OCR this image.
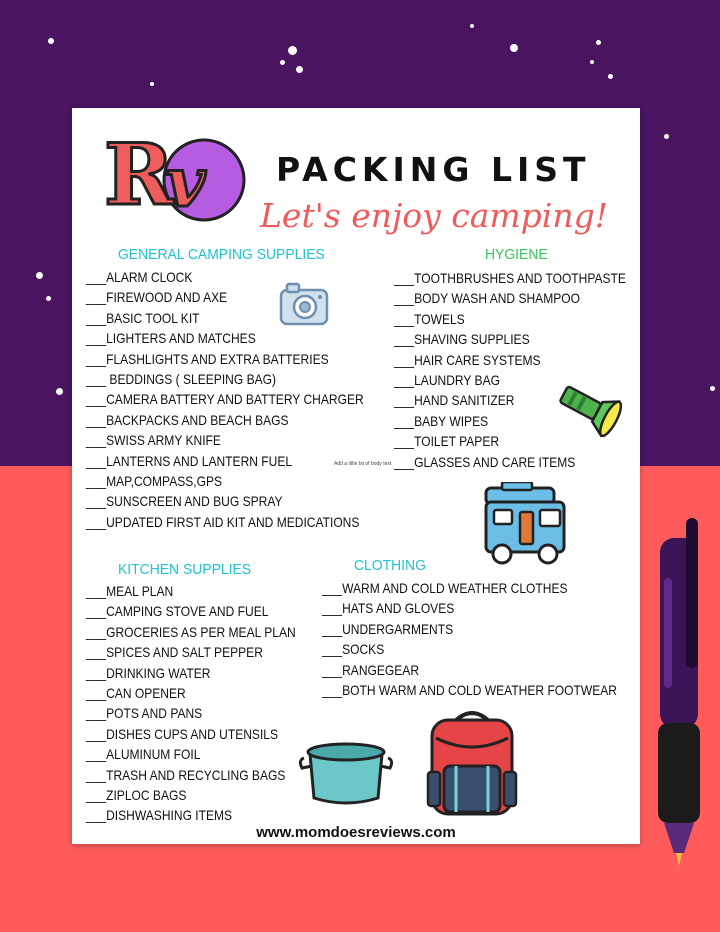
R
v PACKING LIST
Let's enjoy camping!
GENERAL CAMPING SUPPLIES
___ALARM CLOCK
___FIREWOOD AND AXE
___BASIC TOOL KIT
___LIGHTERS AND MATCHES
___FLASHLIGHTS AND EXTRA BATTERIES
___ BEDDINGS ( SLEEPING BAG)
___CAMERA BATTERY AND BATTERY CHARGER
___BACKPACKS AND BEACH BAGS
___SWISS ARMY KNIFE
___LANTERNS AND LANTERN FUEL
___MAP,COMPASS,GPS
___SUNSCREEN AND BUG SPRAY
___UPDATED FIRST AID KIT AND MEDICATIONS
HYGIENE
___TOOTHBRUSHES AND TOOTHPASTE
___BODY WASH AND SHAMPOO
___TOWELS
___SHAVING SUPPLIES
___HAIR CARE SYSTEMS
___LAUNDRY BAG
___HAND SANITIZER
___BABY WIPES
___TOILET PAPER
___GLASSES AND CARE ITEMS
Add a little bit of body text
KITCHEN SUPPLIES
___MEAL PLAN
___CAMPING STOVE AND FUEL
___GROCERIES AS PER MEAL PLAN
___SPICES AND SALT PEPPER
___DRINKING WATER
___CAN OPENER
___POTS AND PANS
___DISHES CUPS AND UTENSILS
___ALUMINUM FOIL
___TRASH AND RECYCLING BAGS
___ZIPLOC BAGS
___DISHWASHING ITEMS
CLOTHING
___WARM AND COLD WEATHER CLOTHES
___HATS AND GLOVES
___UNDERGARMENTS
___SOCKS
___RANGEGEAR
___BOTH WARM AND COLD WEATHER FOOTWEAR
www.momdoesreviews.com
